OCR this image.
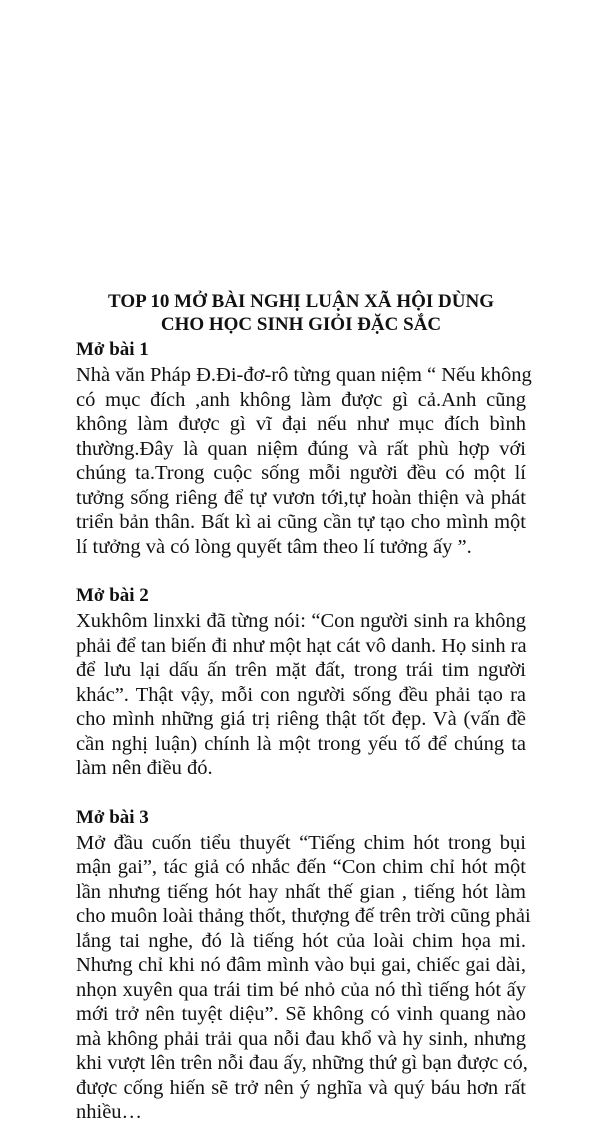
TOP 10 MỞ BÀI NGHỊ LUẬN XÃ HỘI DÙNG
CHO HỌC SINH GIỎI ĐẶC SẮC
Mở bài 1
Nhà văn Pháp Đ.Đi-đơ-rô từng quan niệm “ Nếu không
có mục đích ,anh không làm được gì cả.Anh cũng
không làm được gì vĩ đại nếu như mục đích bình
thường.Đây là quan niệm đúng và rất phù hợp với
chúng ta.Trong cuộc sống mỗi người đều có một lí
tưởng sống riêng để tự vươn tới,tự hoàn thiện và phát
triển bản thân. Bất kì ai cũng cần tự tạo cho mình một
lí tưởng và có lòng quyết tâm theo lí tưởng ấy ”.
Mở bài 2
Xukhôm linxki đã từng nói: “Con người sinh ra không
phải để tan biến đi như một hạt cát vô danh. Họ sinh ra
để lưu lại dấu ấn trên mặt đất, trong trái tim người
khác”. Thật vậy, mỗi con người sống đều phải tạo ra
cho mình những giá trị riêng thật tốt đẹp. Và (vấn đề
cần nghị luận) chính là một trong yếu tố để chúng ta
làm nên điều đó.
Mở bài 3
Mở đầu cuốn tiểu thuyết “Tiếng chim hót trong bụi
mận gai”, tác giả có nhắc đến “Con chim chỉ hót một
lần nhưng tiếng hót hay nhất thế gian , tiếng hót làm
cho muôn loài thảng thốt, thượng đế trên trời cũng phải
lắng tai nghe, đó là tiếng hót của loài chim họa mi.
Nhưng chỉ khi nó đâm mình vào bụi gai, chiếc gai dài,
nhọn xuyên qua trái tim bé nhỏ của nó thì tiếng hót ấy
mới trở nên tuyệt diệu”. Sẽ không có vinh quang nào
mà không phải trải qua nỗi đau khổ và hy sinh, nhưng
khi vượt lên trên nỗi đau ấy, những thứ gì bạn được có,
được cống hiến sẽ trở nên ý nghĩa và quý báu hơn rất
nhiều…
